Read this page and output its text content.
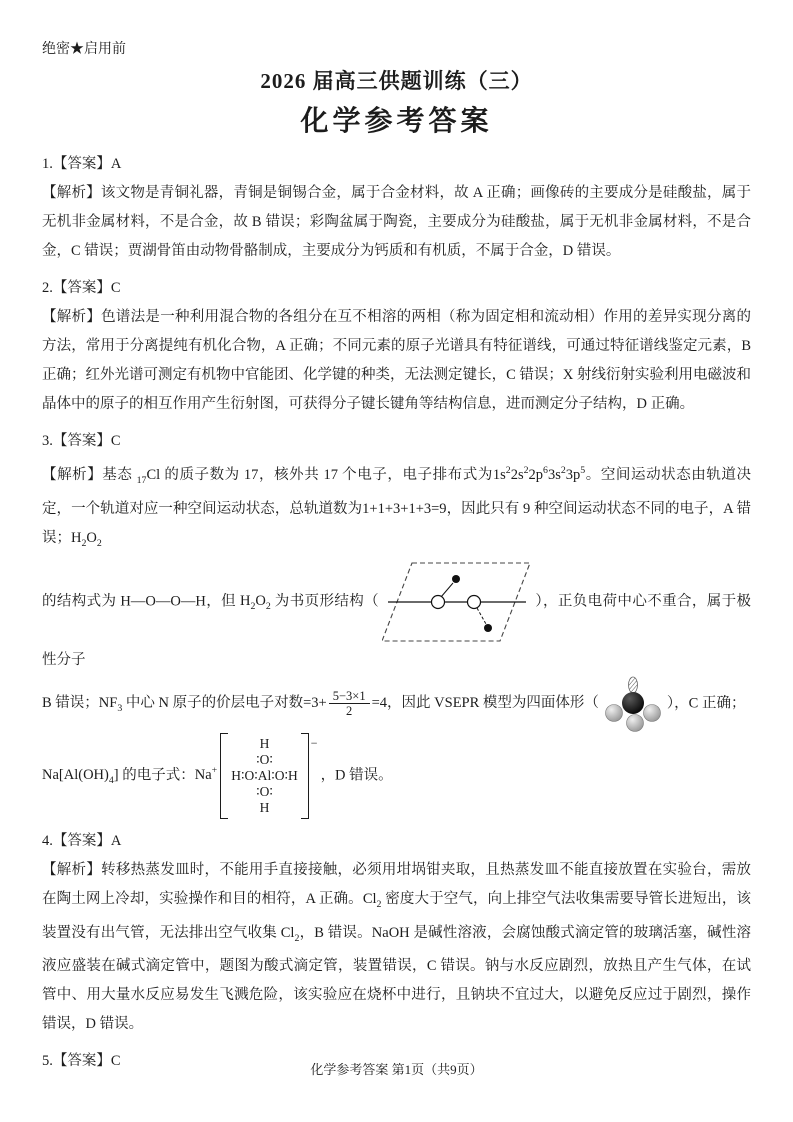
绝密★启用前
2026 届高三供题训练（三）
化学参考答案

1.【答案】A

【解析】该文物是青铜礼器，青铜是铜锡合金，属于合金材料，故 A 正确；画像砖的主要成分是硅酸盐，属于无机非金属材料，不是合金，故 B 错误；彩陶盆属于陶瓷，主要成分为硅酸盐，属于无机非金属材料，不是合金，C 错误；贾湖骨笛由动物骨骼制成，主要成分为钙质和有机质，不属于合金，D 错误。

2.【答案】C

【解析】色谱法是一种利用混合物的各组分在互不相溶的两相（称为固定相和流动相）作用的差异实现分离的方法，常用于分离提纯有机化合物，A 正确；不同元素的原子光谱具有特征谱线，可通过特征谱线鉴定元素，B 正确；红外光谱可测定有机物中官能团、化学键的种类，无法测定键长，C 错误；X 射线衍射实验利用电磁波和晶体中的原子的相互作用产生衍射图，可获得分子键长键角等结构信息，进而测定分子结构，D 正确。

3.【答案】C

【解析】基态 $_{17}$Cl 的质子数为 17，核外共 17 个电子，电子排布式为$1s^22s^22p^63s^23p^5$。空间运动状态由轨道决定，一个轨道对应一种空间运动状态，总轨道数为1+1+3+1+3=9，因此只有 9 种空间运动状态不同的电子，A 错误；$H_2O_2$

的结构式为 H—O—O—H，但 $H_2O_2$ 为书页形结构（	），正负电荷中心不重合，属于极性分子

B 错误；$NF_3$ 中心 N 原子的价层电子对数$=3+ \frac{5-3\times 1}{2} =4$，因此 VSEPR 模型为四面体形（	），C 正确；

$Na[Al(OH)_4]$ 的电子式：Na+
H
∶O∶
H∶O∶Al∶O∶H
∶O∶
H
−
，D 错误。

4.【答案】A

【解析】转移热蒸发皿时，不能用手直接接触，必须用坩埚钳夹取，且热蒸发皿不能直接放置在实验台，需放在陶土网上冷却，实验操作和目的相符，A 正确。$Cl_2$ 密度大于空气，向上排空气法收集需要导管长进短出，该装置没有出气管，无法排出空气收集 $Cl_2$，B 错误。NaOH 是碱性溶液，会腐蚀酸式滴定管的玻璃活塞，碱性溶液应盛装在碱式滴定管中，题图为酸式滴定管，装置错误，C 错误。钠与水反应剧烈，放热且产生气体，在试管中、用大量水反应易发生飞溅危险，该实验应在烧杯中进行，且钠块不宜过大，以避免反应过于剧烈，操作错误，D 错误。

5.【答案】C

化学参考答案 第1页（共9页）
